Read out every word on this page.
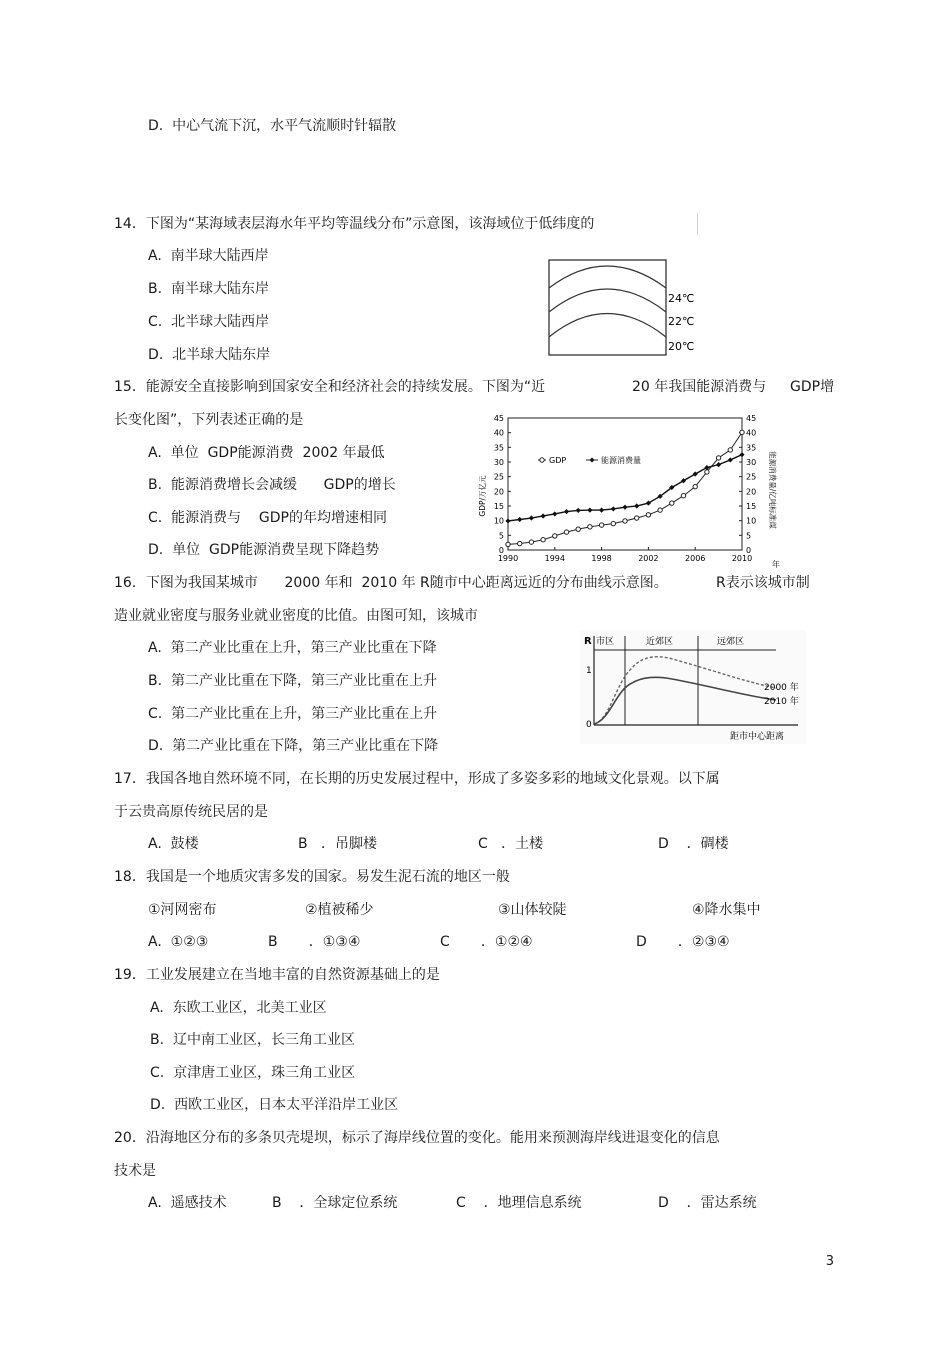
D.  中心气流下沉，水平气流顺时针辐散
14．下图为“某海域表层海水年平均等温线分布”示意图，该海域位于低纬度的
A.  南半球大陆西岸
B.  南半球大陆东岸
C.  北半球大陆西岸
D.  北半球大陆东岸
24℃
22℃
20℃
15．能源安全直接影响到国家安全和经济社会的持续发展。下图为“近	20 年我国能源消费与 GDP增
长变化图”，下列表述正确的是
A.  单位  GDP能源消费  2002 年最低
B.  能源消费增长会减缓      GDP的增长
C.  能源消费与    GDP的年均增速相同
D.  单位  GDP能源消费呈现下降趋势	0	0
5	5
10	10
15	15
20	20
25	25
30	30
35	35
40	40
45	45
1990	1994	1998	2002	2006	2010
GDP	能源消费量
GDP/万亿元	能源消费量/亿吨标准煤
年
16．下图为我国某城市      2000 年和  2010 年 R随市中心距离远近的分布曲线示意图。	R表示该城市制
造业就业密度与服务业就业密度的比值。由图可知，该城市
A.  第二产业比重在上升，第三产业比重在下降
B.  第二产业比重在下降，第三产业比重在上升
C.  第二产业比重在上升，第三产业比重在上升
D.  第二产业比重在下降，第三产业比重在下降
R 市区	近郊区	远郊区
1
0
2000 年
2010 年
距市中心距离
17．我国各地自然环境不同，在长期的历史发展过程中，形成了多姿多彩的地域文化景观。以下属
于云贵高原传统民居的是
A.  鼓楼	B   ．吊脚楼	C   ．土楼	D    ．碉楼
18．我国是一个地质灾害多发的国家。易发生泥石流的地区一般
①河网密布	②植被稀少	③山体较陡	④降水集中
A.  ①②③	B       ．①③④	C       ．①②④	D       ．②③④
19．工业发展建立在当地丰富的自然资源基础上的是
A.  东欧工业区，北美工业区
B.  辽中南工业区，长三角工业区
C.  京津唐工业区，珠三角工业区
D.  西欧工业区，日本太平洋沿岸工业区
20．沿海地区分布的多条贝壳堤坝，标示了海岸线位置的变化。能用来预测海岸线进退变化的信息
技术是
A.  遥感技术	B    ．全球定位系统	C    ．地理信息系统	D    ．雷达系统
3
